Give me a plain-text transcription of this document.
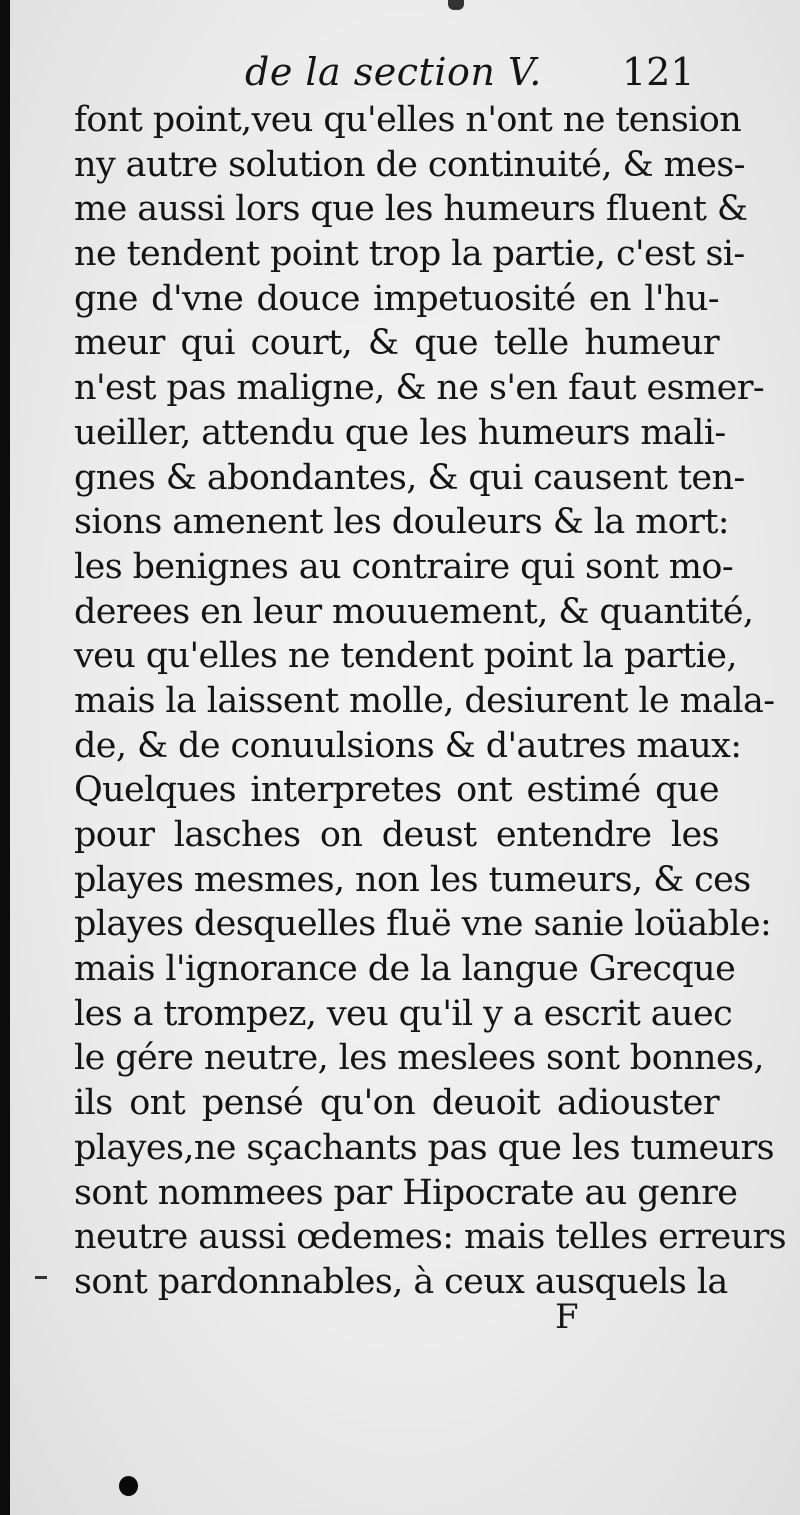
de la section V. 121
font point,veu qu'elles n'ont ne tension
ny autre solution de continuité, & mes-
me aussi lors que les humeurs fluent &
ne tendent point trop la partie, c'est si-
gne d'vne douce impetuosité en l'hu-
meur qui court, & que telle humeur
n'est pas maligne, & ne s'en faut esmer-
ueiller, attendu que les humeurs mali-
gnes & abondantes, & qui causent ten-
sions amenent les douleurs & la mort:
les benignes au contraire qui sont mo-
derees en leur mouuement, & quantité,
veu qu'elles ne tendent point la partie,
mais la laissent molle, desiurent le mala-
de, & de conuulsions & d'autres maux:
Quelques interpretes ont estimé que
pour lasches on deust entendre les
playes mesmes, non les tumeurs, & ces
playes desquelles fluë vne sanie loüable:
mais l'ignorance de la langue Grecque
les a trompez, veu qu'il y a escrit auec
le gére neutre, les meslees sont bonnes,
ils ont pensé qu'on deuoit adiouster
playes,ne sçachants pas que les tumeurs
sont nommees par Hipocrate au genre
neutre aussi œdemes: mais telles erreurs
sont pardonnables, à ceux ausquels la
F
